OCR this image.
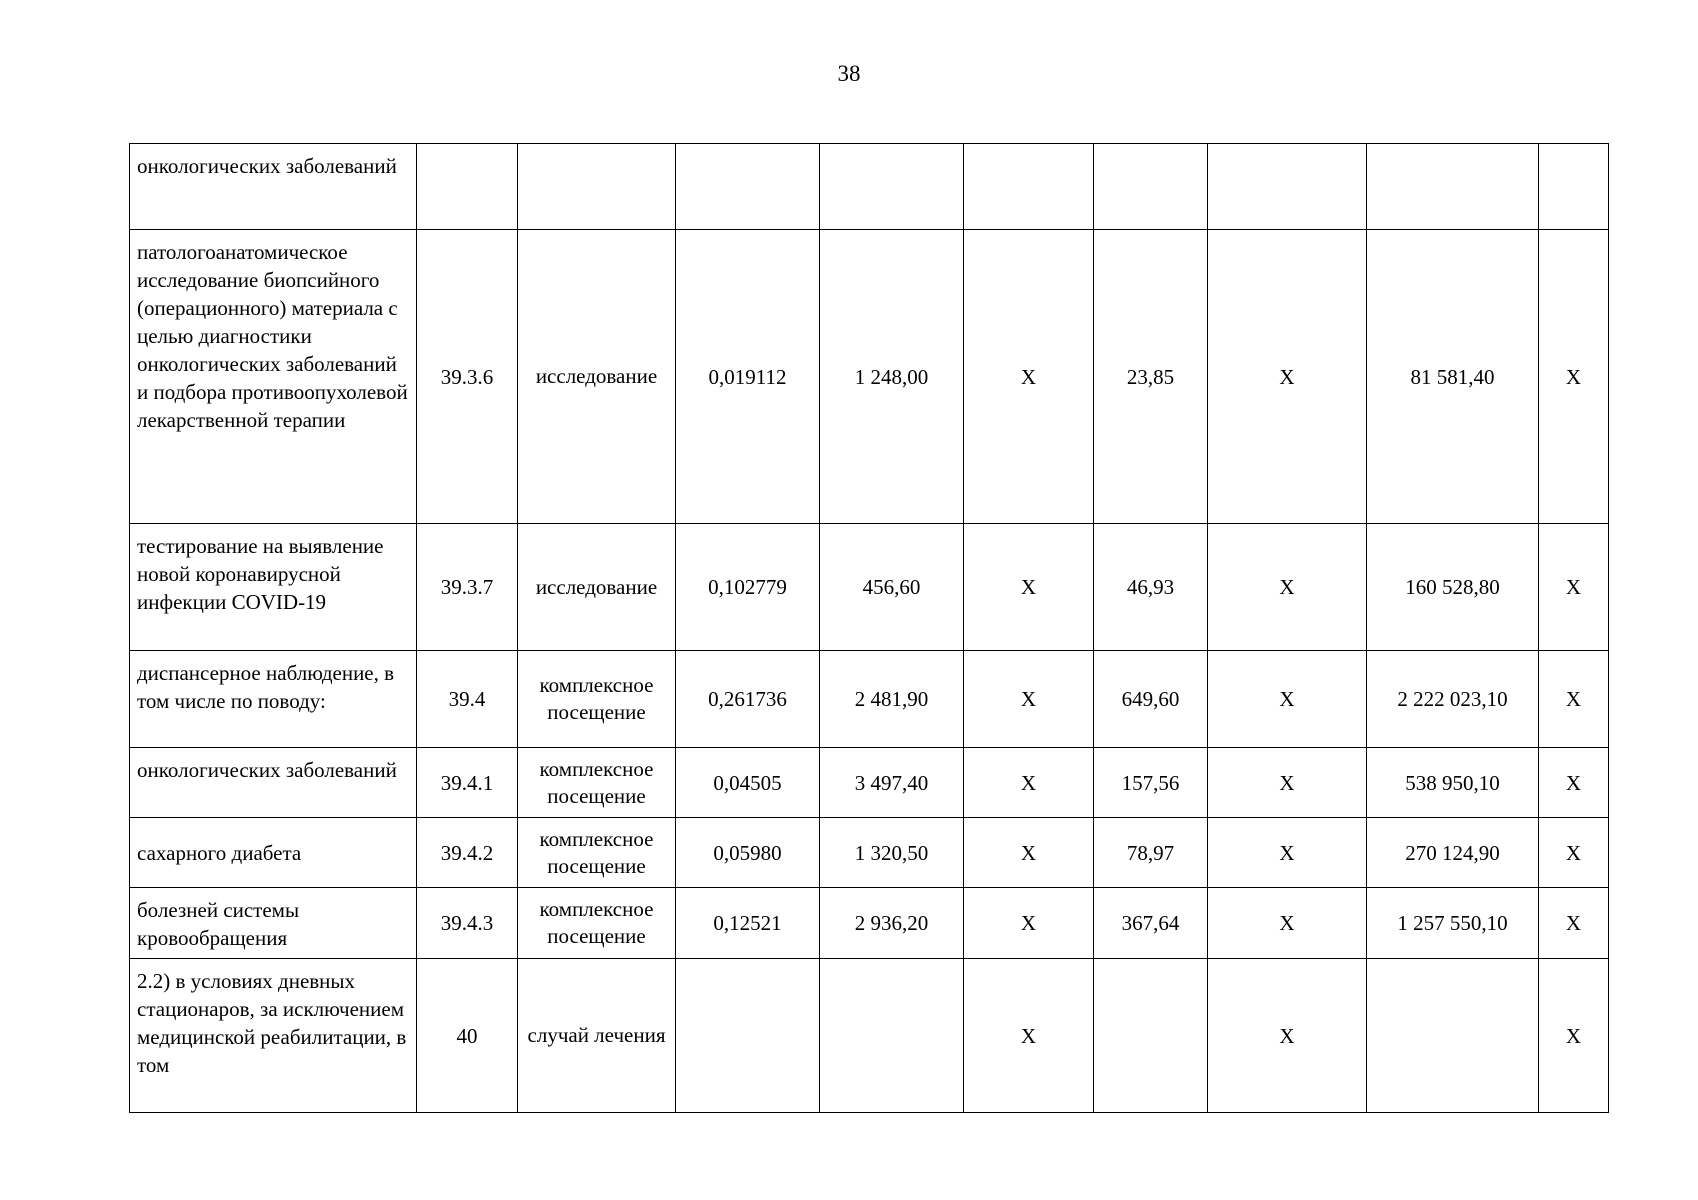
38
онкологических заболеваний									
патологоанатомическое исследование биопсийного (операционного) материала с целью диагностики онкологических заболеваний и подбора противоопухолевой лекарственной терапии	39.3.6	исследование	0,019112	1 248,00	X	23,85	X	81 581,40	X
тестирование на выявление новой коронавирусной инфекции COVID-19	39.3.7	исследование	0,102779	456,60	X	46,93	X	160 528,80	X
диспансерное наблюдение, в том числе по поводу:	39.4	комплексное посещение	0,261736	2 481,90	X	649,60	X	2 222 023,10	X
онкологических заболеваний	39.4.1	комплексное посещение	0,04505	3 497,40	X	157,56	X	538 950,10	X
сахарного диабета	39.4.2	комплексное посещение	0,05980	1 320,50	X	78,97	X	270 124,90	X
болезней системы кровообращения	39.4.3	комплексное посещение	0,12521	2 936,20	X	367,64	X	1 257 550,10	X
2.2) в условиях дневных стационаров, за исключением медицинской реабилитации, в том	40	случай лечения			X		X		X
